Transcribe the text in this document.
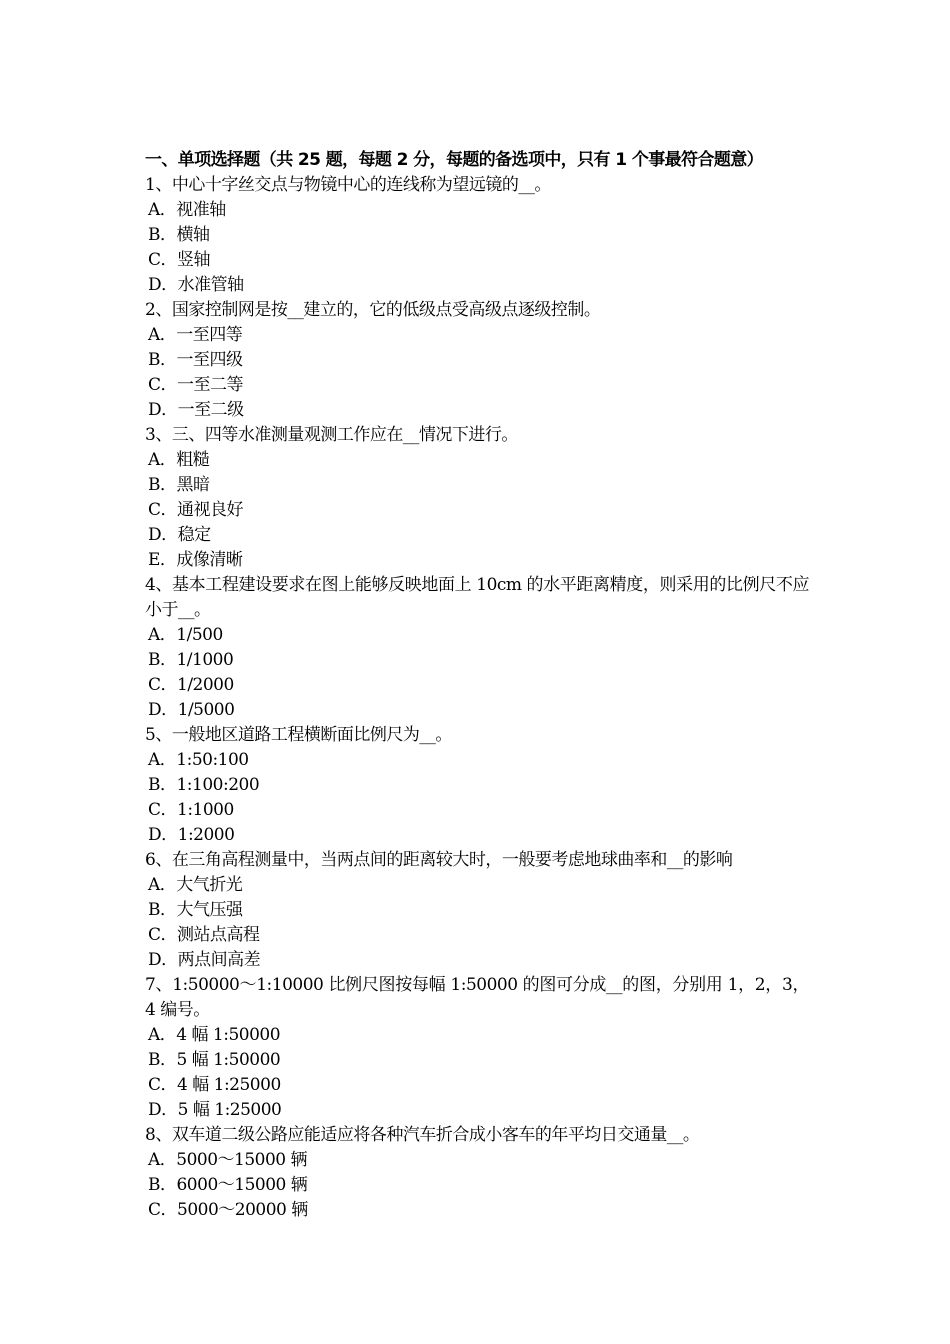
一、单项选择题（共 25 题，每题 2 分，每题的备选项中，只有 1 个事最符合题意）
1、中心十字丝交点与物镜中心的连线称为望远镜的__。
A．视准轴
B．横轴
C．竖轴
D．水准管轴
2、国家控制网是按__建立的，它的低级点受高级点逐级控制。
A．一至四等
B．一至四级
C．一至二等
D．一至二级
3、三、四等水准测量观测工作应在__情况下进行。
A．粗糙
B．黑暗
C．通视良好
D．稳定
E．成像清晰
4、基本工程建设要求在图上能够反映地面上 10cm 的水平距离精度，则采用的比例尺不应小于__。
A．1/500
B．1/1000
C．1/2000
D．1/5000
5、一般地区道路工程横断面比例尺为__。
A．1:50:100
B．1:100:200
C．1:1000
D．1:2000
6、在三角高程测量中，当两点间的距离较大时，一般要考虑地球曲率和__的影响
A．大气折光
B．大气压强
C．测站点高程
D．两点间高差
7、1:50000～1:10000 比例尺图按每幅 1:50000 的图可分成__的图，分别用 1，2，3，4 编号。
A．4 幅 1:50000
B．5 幅 1:50000
C．4 幅 1:25000
D．5 幅 1:25000
8、双车道二级公路应能适应将各种汽车折合成小客车的年平均日交通量__。
A．5000～15000 辆
B．6000～15000 辆
C．5000～20000 辆
